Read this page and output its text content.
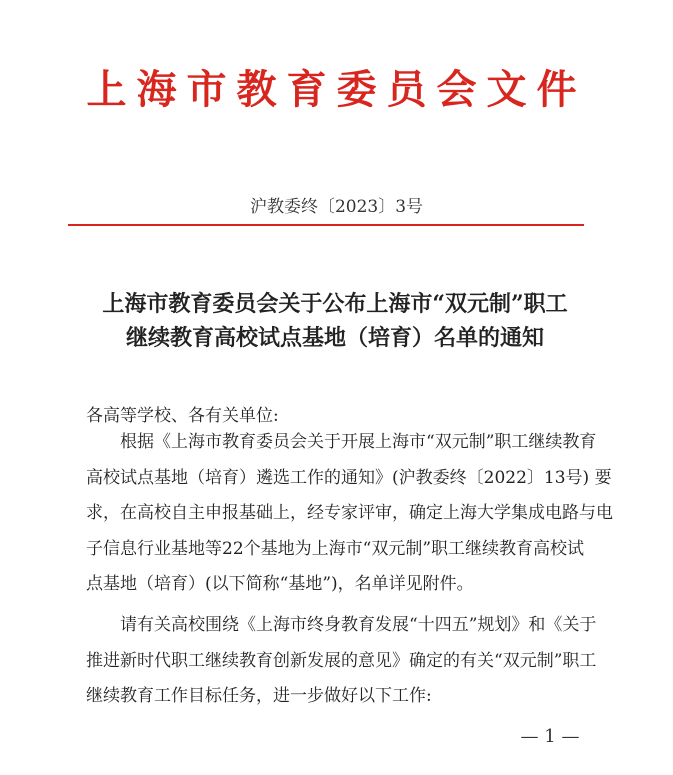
上海市教育委员会文件
沪教委终〔2023〕3号
上海市教育委员会关于公布上海市“双元制”职工
继续教育高校试点基地（培育）名单的通知
各高等学校、各有关单位:
根据《上海市教育委员会关于开展上海市“双元制”职工继续教育
高校试点基地（培育）遴选工作的通知》(沪教委终〔2022〕13号) 要
求，在高校自主申报基础上，经专家评审，确定上海大学集成电路与电
子信息行业基地等22个基地为上海市“双元制”职工继续教育高校试
点基地（培育）(以下简称“基地”)，名单详见附件。
请有关高校围绕《上海市终身教育发展“十四五”规划》和《关于
推进新时代职工继续教育创新发展的意见》确定的有关“双元制”职工
继续教育工作目标任务，进一步做好以下工作:
— 1 —
